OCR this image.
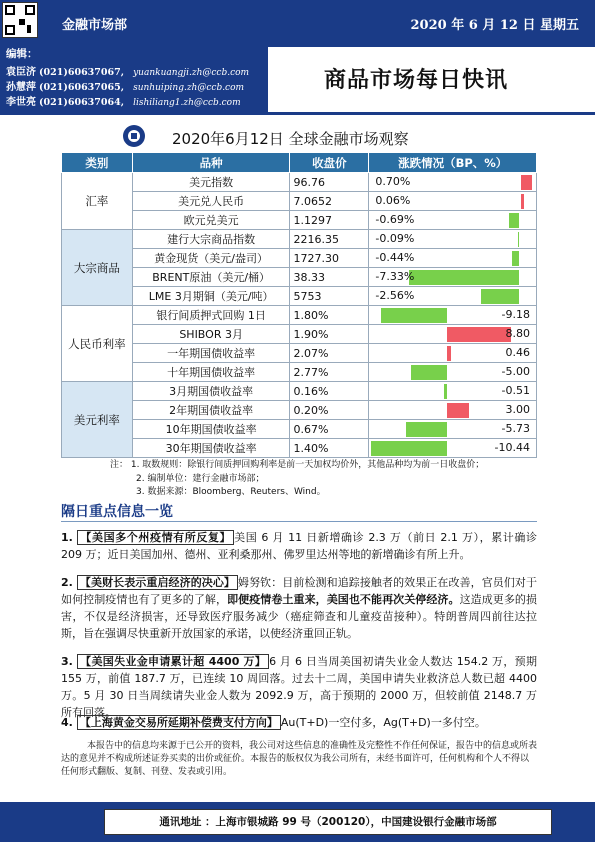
金融市场部	2020 年 6 月 12 日 星期五
编辑：
袁臣济 (021)60637067, yuankuangji.zh@ccb.com
孙慧萍 (021)60637065, sunhuiping.zh@ccb.com
李世亮 (021)60637064, lishiliang1.zh@ccb.com
商品市场每日快讯
2020年6月12日 全球金融市场观察
类别	品种	收盘价	涨跌情况（BP、%）
汇率	美元指数	96.76	0.70%

	美元兑人民币	7.0652	0.06%

	欧元兑美元	1.1297	-0.69%

大宗商品	建行大宗商品指数	2216.35	-0.09%

	黄金现货（美元/盎司）	1727.30	-0.44%

	BRENT原油（美元/桶）	38.33	-7.33%

	LME 3月期铜（美元/吨）	5753	-2.56%

人民币利率	银行间质押式回购 1日	1.80%	-9.18

	SHIBOR 3月	1.90%	8.80

	一年期国债收益率	2.07%	0.46

	十年期国债收益率	2.77%	-5.00

美元利率	3月期国债收益率	0.16%	-0.51

	2年期国债收益率	0.20%	3.00

	10年期国债收益率	0.67%	-5.73

	30年期国债收益率	1.40%	-10.44
注： 1. 取数规则：除银行间质押回购利率是前一天加权均价外，其他品种均为前一日收盘价；
2. 编制单位：建行金融市场部；
3. 数据来源：Bloomberg、Reuters、Wind。
隔日重点信息一览
1. 【美国多个州疫情有所反复】 美国 6 月 11 日新增确诊 2.3 万（前日 2.1 万），累计确诊 209 万；近日美国加州、德州、亚利桑那州、佛罗里达州等地的新增确诊有所上升。
2. 【美财长表示重启经济的决心】 姆努钦：目前检测和追踪接触者的效果正在改善，官员们对于如何控制疫情也有了更多的了解，即便疫情卷土重来，美国也不能再次关停经济。这造成更多的损害，不仅是经济损害，还导致医疗服务减少（癌症筛查和儿童疫苗接种）。特朗普周四前往达拉斯，旨在强调尽快重新开放国家的承诺，以使经济重回正轨。
3. 【美国失业金申请累计超 4400 万】 6 月 6 日当周美国初请失业金人数达 154.2 万，预期 155 万，前值 187.7 万，已连续 10 周回落。过去十二周，美国申请失业救济总人数已超 4400 万。5 月 30 日当周续请失业金人数为 2092.9 万，高于预期的 2000 万，但较前值 2148.7 万所有回落。
4. 【上海黄金交易所延期补偿费支付方向】 Au(T+D)一空付多，Ag(T+D)一多付空。
本报告中的信息均来源于已公开的资料，我公司对这些信息的准确性及完整性不作任何保证，报告中的信息或所表达的意见并不构成所述证券买卖的出价或征价。本报告的版权仅为我公司所有，未经书面许可，任何机构和个人不得以任何形式翻版、复制、刊登、发表或引用。
通讯地址 ：上海市银城路 99 号（200120），中国建设银行金融市场部
